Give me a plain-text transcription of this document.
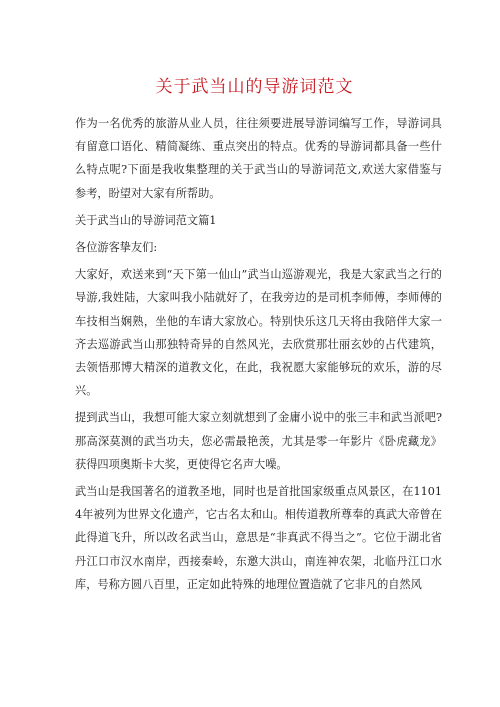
关于武当山的导游词范文

作为一名优秀的旅游从业人员，往往须要进展导游词编写工作，导游词具有留意口语化、精简凝练、重点突出的特点。优秀的导游词都具备一些什么特点呢?下面是我收集整理的关于武当山的导游词范文,欢送大家借鉴与参考，盼望对大家有所帮助。

关于武当山的导游词范文篇1

各位游客挚友们:

大家好，欢送来到“天下第一仙山”武当山巡游观光，我是大家武当之行的导游,我姓陆，大家叫我小陆就好了，在我旁边的是司机李师傅，李师傅的车技相当娴熟，坐他的车请大家放心。特别快乐这几天将由我陪伴大家一齐去巡游武当山那独特奇异的自然风光，去欣赏那壮丽玄妙的占代建筑，去领悟那博大精深的道教文化，在此，我祝愿大家能够玩的欢乐，游的尽兴。

提到武当山，我想可能大家立刻就想到了金庸小说中的张三丰和武当派吧?那高深莫测的武当功夫，您必需最艳羡，尤其是零一年影片《卧虎藏龙》获得四项奥斯卡大奖，更使得它名声大噪。

武当山是我国著名的道教圣地，同时也是首批国家级重点风景区，在11014年被列为世界文化遗产，它古名太和山。相传道教所尊奉的真武大帝曾在此得道飞升，所以改名武当山，意思是“非真武不得当之”。它位于湖北省丹江口市汉水南岸，西接秦岭，东邀大洪山，南连神农架，北临丹江口水库，号称方圆八百里，正定如此特殊的地理位置造就了它非凡的自然风
